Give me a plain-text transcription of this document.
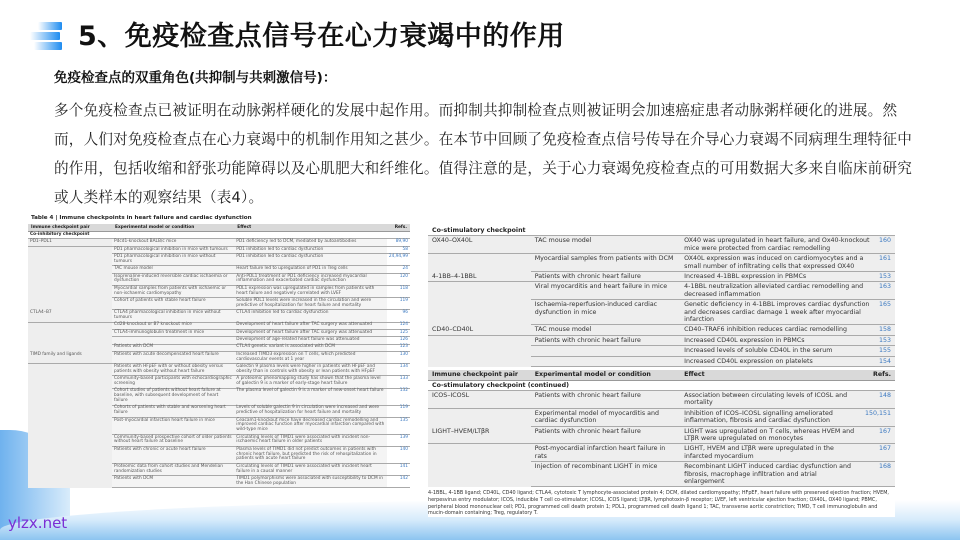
5、免疫检查点信号在心力衰竭中的作用
免疫检查点的双重角色(共抑制与共刺激信号)：
多个免疫检查点已被证明在动脉粥样硬化的发展中起作用。而抑制共抑制检查点则被证明会加速癌症患者动脉粥样硬化的进展。然而，人们对免疫检查点在心力衰竭中的机制作用知之甚少。在本节中回顾了免疫检查点信号传导在介导心力衰竭不同病理生理特征中的作用，包括收缩和舒张功能障碍以及心肌肥大和纤维化。值得注意的是，关于心力衰竭免疫检查点的可用数据大多来自临床前研究或人类样本的观察结果（表4）。
Table 4 | Immune checkpoints in heart failure and cardiac dysfunction
Immune checkpoint pair	Experimental model or condition	Effect	Refs.
Co-inhibitory checkpoint			
PD1–PDL1	Pdcd1-knockout BALB/c mice	PD1 deficiency led to DCM, mediated by autoantibodies	89,90
	PD1 pharmacological inhibition in mice with tumours	PD1 inhibition led to cardiac dysfunction	58
	PD1 pharmacological inhibition in mice without tumours	PD1 inhibition led to cardiac dysfunction	24,94,99
	TAC mouse model	Heart failure led to upregulation of PD1 in Treg cells	24
	Isoprenaline-induced reversible cardiac ischaemia or dysfunction	Anti-PDL1 treatment or PD1 deficiency increased myocardial inflammation and exacerbated cardiac dysfunction	120
	Myocardial samples from patients with ischaemic or non-ischaemic cardiomyopathy	PDL1 expression was upregulated in samples from patients with heart failure and negatively correlated with LVEF	118
	Cohort of patients with stable heart failure	Soluble PDL1 levels were increased in the circulation and were predictive of hospitalization for heart failure and mortality	119
CTLA4–B7	CTLA4 pharmacological inhibition in mice without tumours	CTLA4 inhibition led to cardiac dysfunction	96
	Cd28-knockout or B7 knockout mice	Development of heart failure after TAC surgery was attenuated	124
	CTLA4-immunoglobulin treatment in mice	Development of heart failure after TAC surgery was attenuated	125
		Development of age-related heart failure was attenuated	126
	Patients with DCM	CTLA4 genetic variant is associated with DCM	123
TIMD family and ligands	Patients with acute decompensated heart failure	Increased TIMD3 expression on T cells, which predicted cardiovascular events at 1 year	130
	Patients with HFpEF with or without obesity versus patients with obesity without heart failure	Galectin 9 plasma levels were higher in patients with HFpEF and obesity than in controls with obesity or lean patients with HFpEF	134
	Community-based participants with echocardiographic screening	A proteomic phenomapping study has shown that the plasma level of galectin 9 is a marker of early-stage heart failure	133
	Cohort studies of patients without heart failure at baseline, with subsequent development of heart failure	The plasma level of galectin 9 is a marker of new-onset heart failure	132
	Cohorts of patients with stable and worsening heart failure	Levels of soluble galectin 9 in circulation were increased and were predictive of hospitalization for heart failure and mortality	119
	Post-myocardial infarction heart failure in mice	Ceacam1-knockout mice have decreased cardiac remodelling and improved cardiac function after myocardial infarction compared with wild-type mice	135
	Community-based prospective cohort of older patients without heart failure at baseline	Circulating levels of TIMD1 were associated with incident non-ischaemic heart failure in older patients	139
	Patients with chronic or acute heart failure	Plasma levels of TIMD1 did not predict outcomes in patients with chronic heart failure, but predicted the risk of rehospitalization in patients with acute heart failure	140
	Proteomic data from cohort studies and Mendelian randomization studies	Circulating levels of TIMD1 were associated with incident heart failure in a causal manner	141
	Patients with DCM	TIMD1 polymorphisms were associated with susceptibility to DCM in the Han Chinese population	142
Co-stimulatory checkpoint			
OX40–OX40L	TAC mouse model	OX40 was upregulated in heart failure, and Ox40-knockout mice were protected from cardiac remodelling	160
	Myocardial samples from patients with DCM	OX40L expression was induced on cardiomyocytes and a small number of infiltrating cells that expressed OX40	161
4-1BB–4-1BBL	Patients with chronic heart failure	Increased 4-1BBL expression in PBMCs	153
	Viral myocarditis and heart failure in mice	4-1BBL neutralization alleviated cardiac remodelling and decreased inflammation	163
	Ischaemia-reperfusion-induced cardiac dysfunction in mice	Genetic deficiency in 4-1BBL improves cardiac dysfunction and decreases cardiac damage 1 week after myocardial infarction	165
CD40–CD40L	TAC mouse model	CD40–TRAF6 inhibition reduces cardiac remodelling	158
	Patients with chronic heart failure	Increased CD40L expression in PBMCs	153
		Increased levels of soluble CD40L in the serum	155
		Increased CD40L expression on platelets	154
Immune checkpoint pair	Experimental model or condition	Effect	Refs.
Co-stimulatory checkpoint (continued)			
ICOS–ICOSL	Patients with chronic heart failure	Association between circulating levels of ICOSL and mortality	148
	Experimental model of myocarditis and cardiac dysfunction	Inhibition of ICOS–ICOSL signalling ameliorated inflammation, fibrosis and cardiac dysfunction	150,151
LIGHT–HVEM/LTβR	Patients with chronic heart failure	LIGHT was upregulated on T cells, whereas HVEM and LTβR were upregulated on monocytes	167
	Post-myocardial infarction heart failure in rats	LIGHT, HVEM and LTβR were upregulated in the infarcted myocardium	167
	Injection of recombinant LIGHT in mice	Recombinant LIGHT induced cardiac dysfunction and fibrosis, macrophage infiltration and atrial enlargement	168
4-1BBL, 4-1BB ligand; CD40L, CD40 ligand; CTLA4, cytotoxic T lymphocyte-associated protein 4; DCM, dilated cardiomyopathy; HFpEF, heart failure with preserved ejection fraction; HVEM, herpesvirus entry modulator; ICOS, inducible T cell co-stimulator; ICOSL, ICOS ligand; LTβR, lymphotoxin-β receptor; LVEF, left ventricular ejection fraction; OX40L, OX40 ligand; PBMC, peripheral blood mononuclear cell; PD1, programmed cell death protein 1; PDL1, programmed cell death ligand 1; TAC, transverse aortic constriction; TIMD, T cell immunoglobulin and mucin-domain containing; Treg, regulatory T.
ylzx.net
